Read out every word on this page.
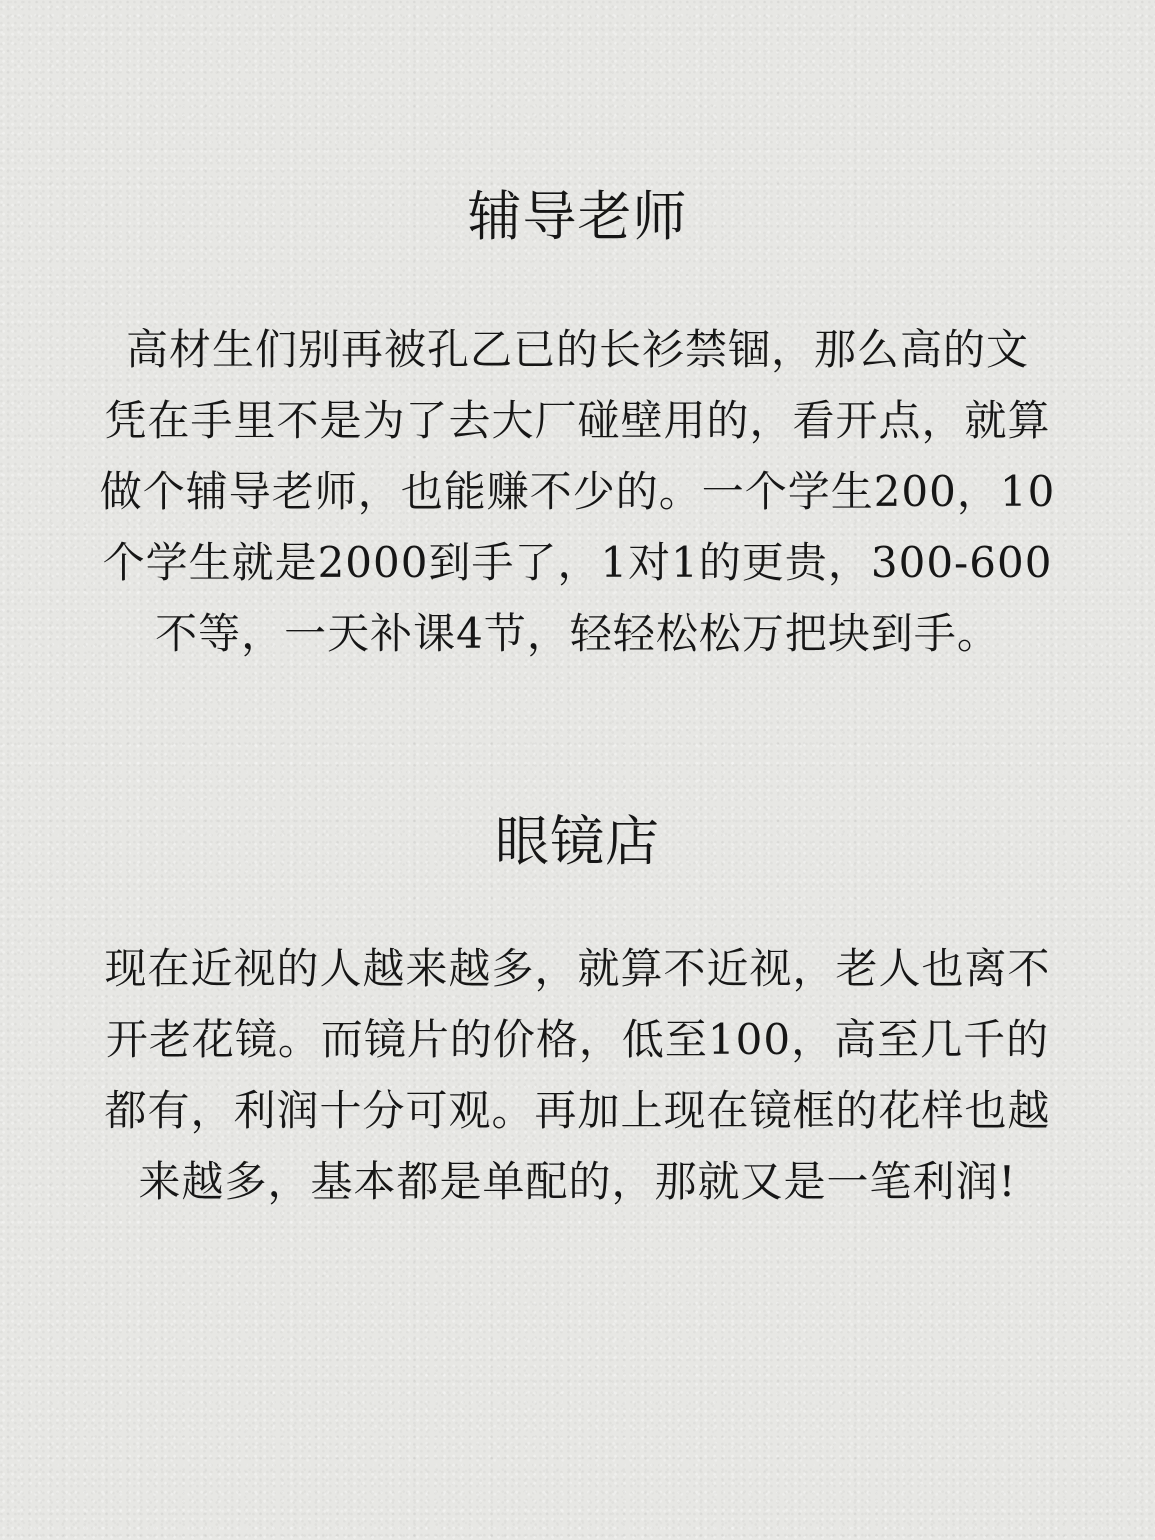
辅导老师

高材生们别再被孔乙已的长衫禁锢，那么高的文
凭在手里不是为了去大厂碰壁用的，看开点，就算
做个辅导老师，也能赚不少的。一个学生200，10
个学生就是2000到手了，1对1的更贵，300-600
不等，一天补课4节，轻轻松松万把块到手。

眼镜店

现在近视的人越来越多，就算不近视，老人也离不
开老花镜。而镜片的价格，低至100，高至几千的
都有，利润十分可观。再加上现在镜框的花样也越
来越多，基本都是单配的，那就又是一笔利润!
